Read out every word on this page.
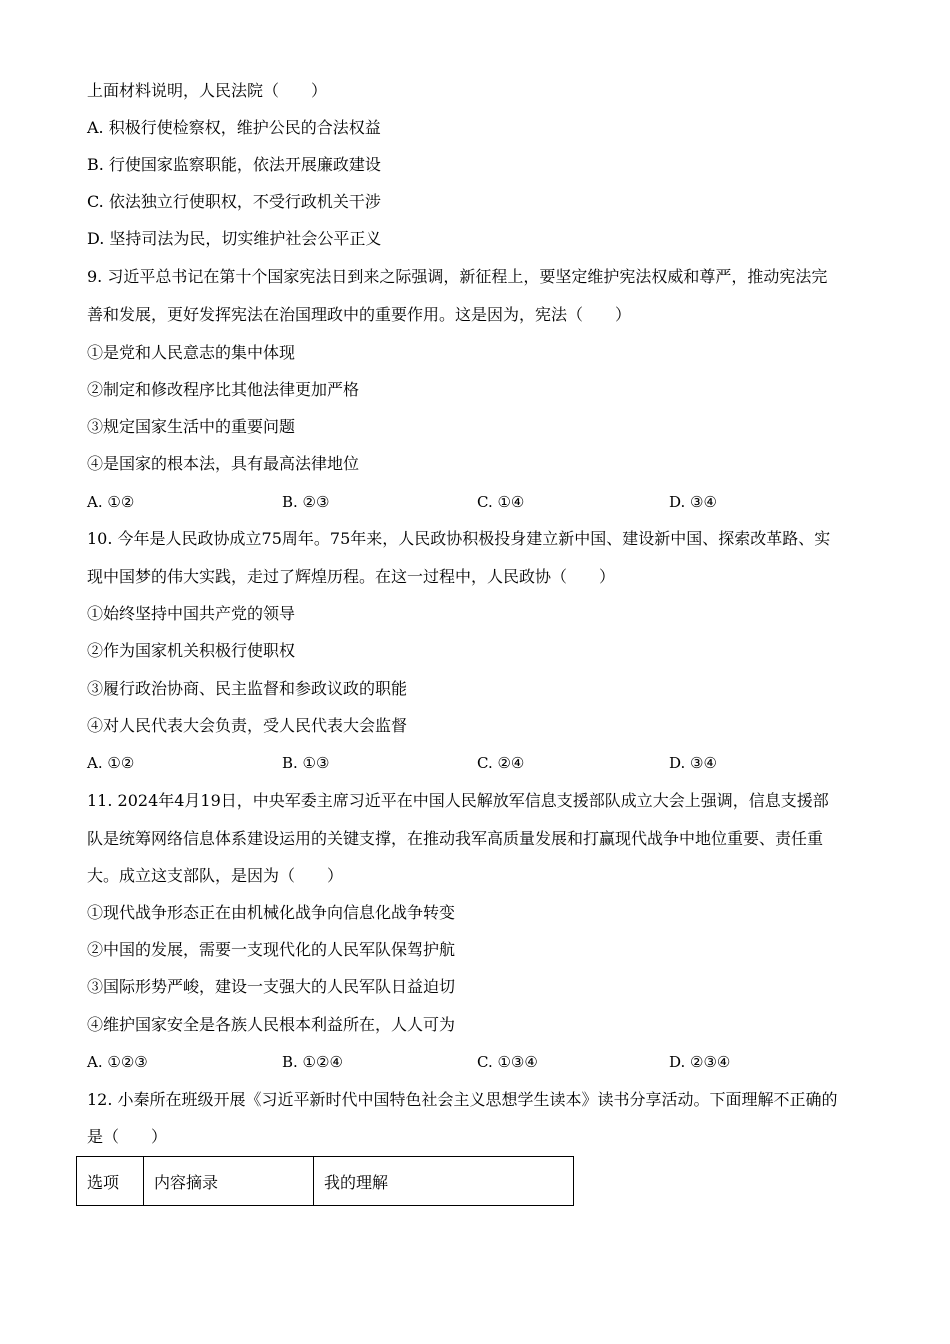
上面材料说明，人民法院（　　）
A. 积极行使检察权，维护公民的合法权益
B. 行使国家监察职能，依法开展廉政建设
C. 依法独立行使职权，不受行政机关干涉
D. 坚持司法为民，切实维护社会公平正义
9. 习近平总书记在第十个国家宪法日到来之际强调，新征程上，要坚定维护宪法权威和尊严，推动宪法完
善和发展，更好发挥宪法在治国理政中的重要作用。这是因为，宪法（　　）
①是党和人民意志的集中体现
②制定和修改程序比其他法律更加严格
③规定国家生活中的重要问题
④是国家的根本法，具有最高法律地位
A. ①②	B. ②③	C. ①④	D. ③④
10. 今年是人民政协成立75周年。75年来，人民政协积极投身建立新中国、建设新中国、探索改革路、实
现中国梦的伟大实践，走过了辉煌历程。在这一过程中，人民政协（　　）
①始终坚持中国共产党的领导
②作为国家机关积极行使职权
③履行政治协商、民主监督和参政议政的职能
④对人民代表大会负责，受人民代表大会监督
A. ①②	B. ①③	C. ②④	D. ③④
11. 2024年4月19日，中央军委主席习近平在中国人民解放军信息支援部队成立大会上强调，信息支援部
队是统筹网络信息体系建设运用的关键支撑，在推动我军高质量发展和打赢现代战争中地位重要、责任重
大。成立这支部队，是因为（　　）
①现代战争形态正在由机械化战争向信息化战争转变
②中国的发展，需要一支现代化的人民军队保驾护航
③国际形势严峻，建设一支强大的人民军队日益迫切
④维护国家安全是各族人民根本利益所在，人人可为
A. ①②③	B. ①②④	C. ①③④	D. ②③④
12. 小秦所在班级开展《习近平新时代中国特色社会主义思想学生读本》读书分享活动。下面理解不正确的
是（　　）
选项	内容摘录	我的理解
